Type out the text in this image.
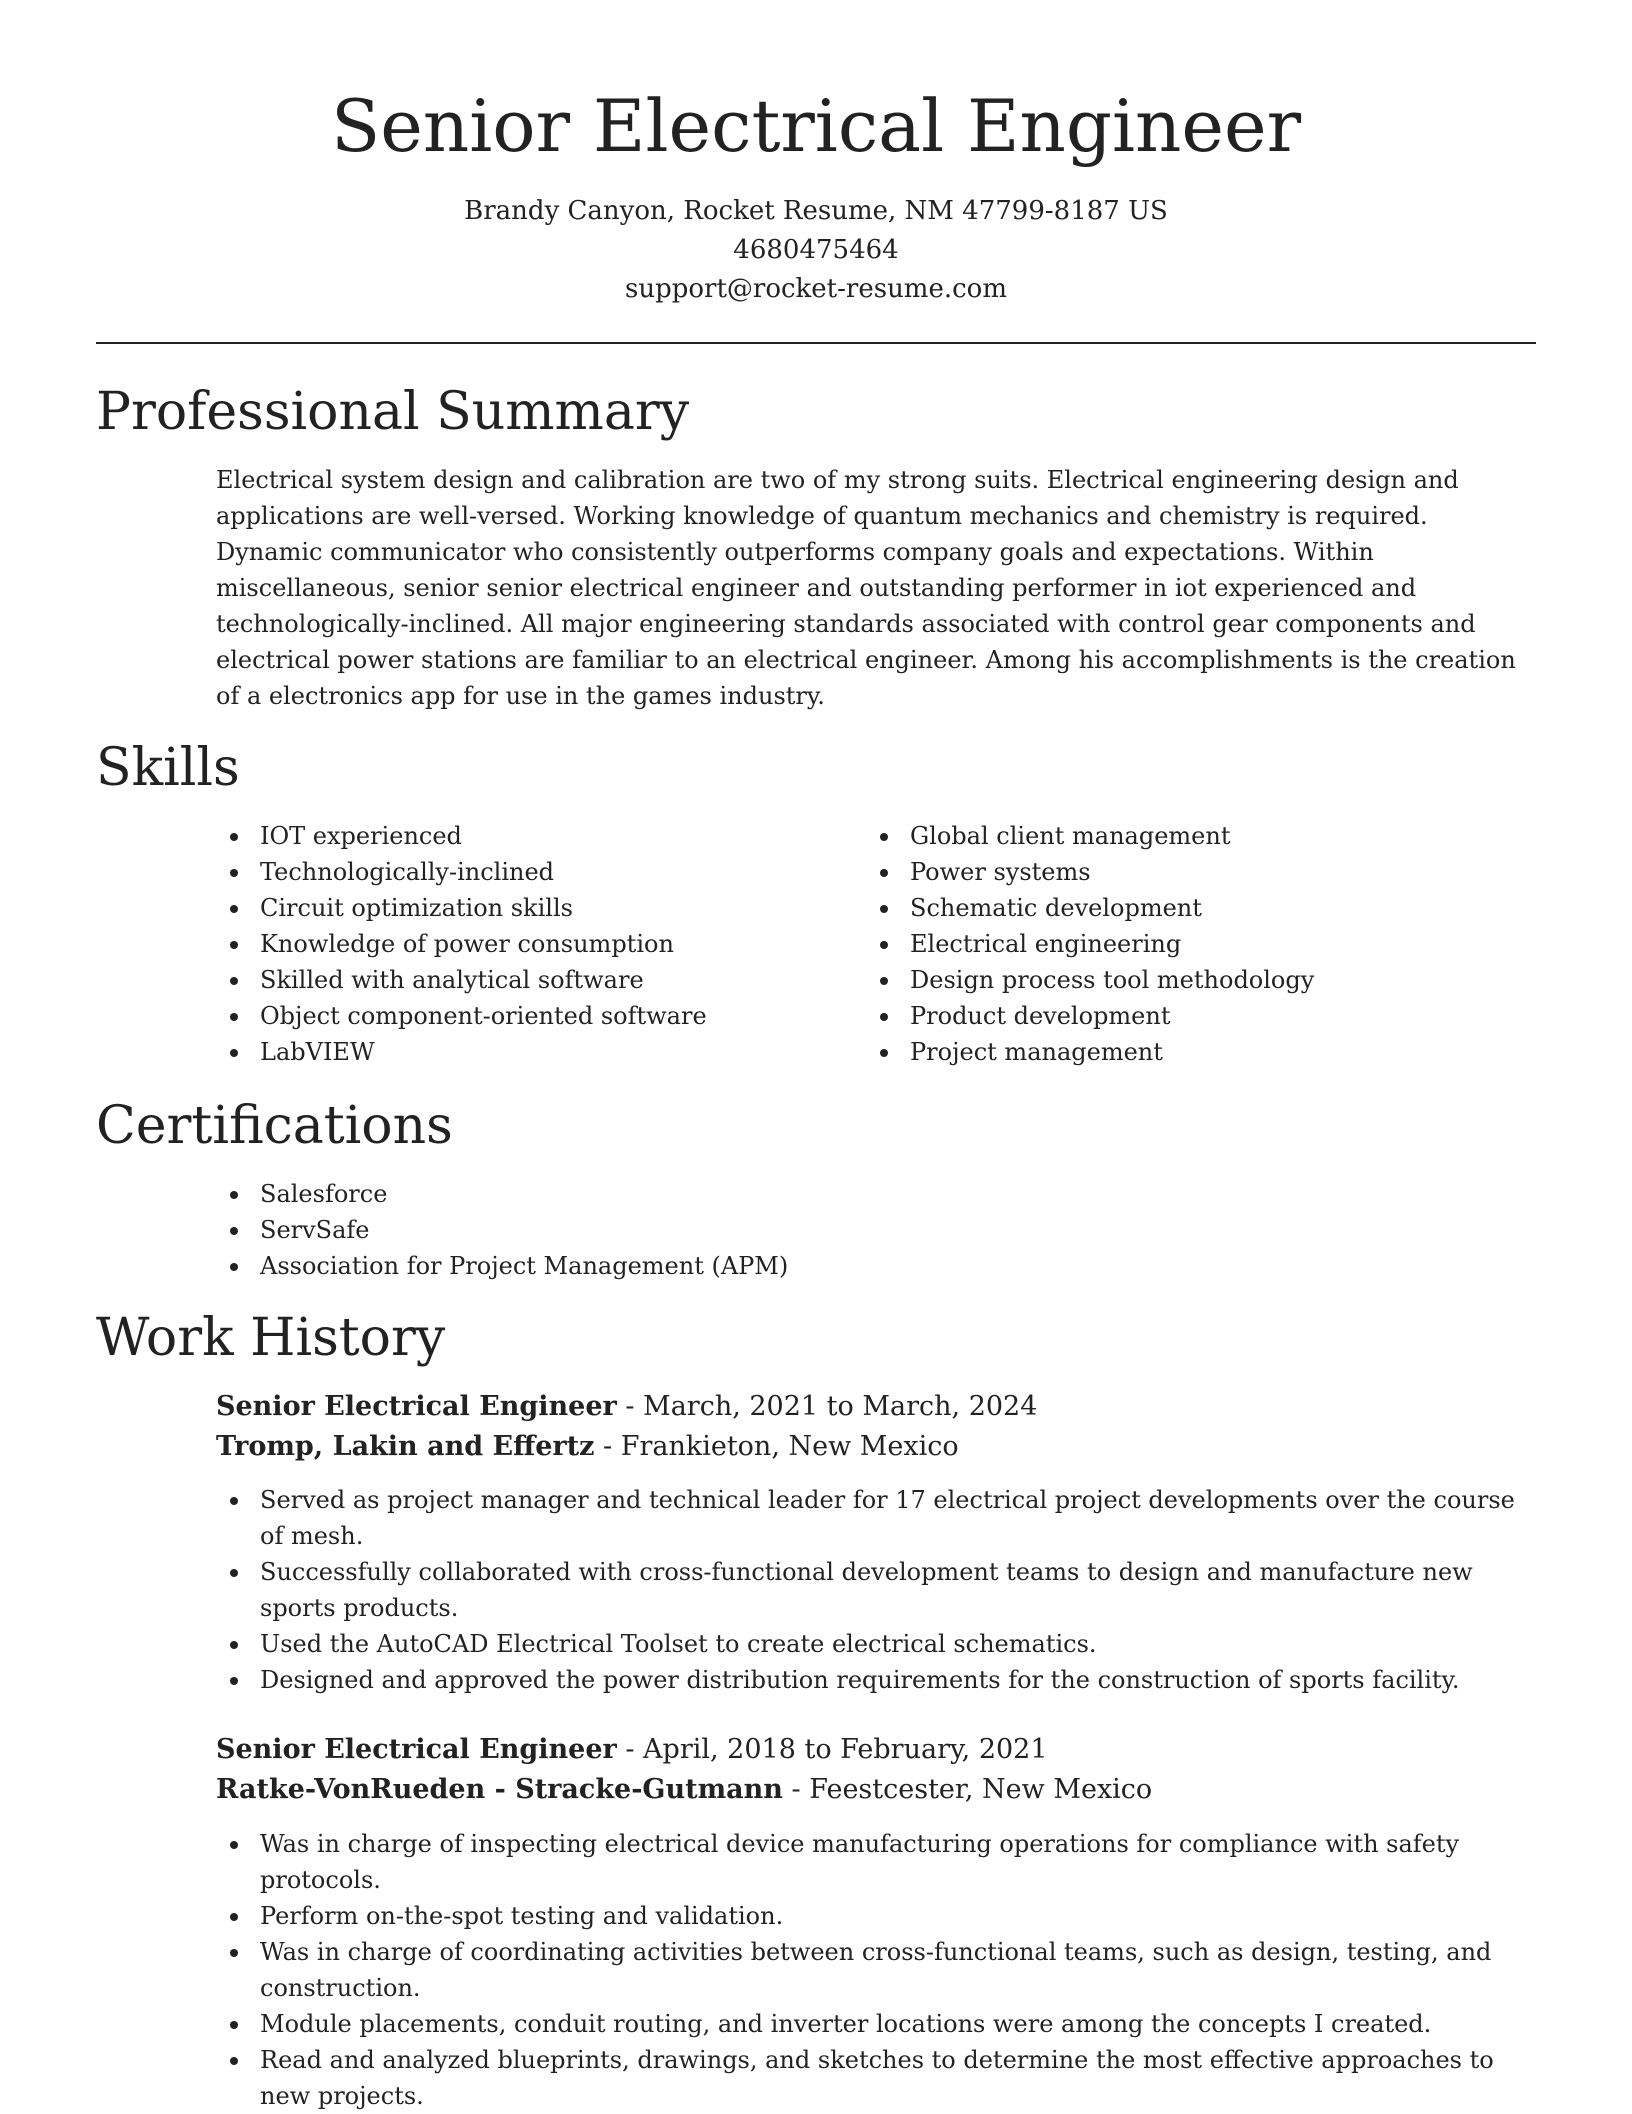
Senior Electrical Engineer
Brandy Canyon, Rocket Resume, NM 47799-8187 US
4680475464
support@rocket-resume.com
Professional Summary

Electrical system design and calibration are two of my strong suits. Electrical engineering design and applications are well-versed. Working knowledge of quantum mechanics and chemistry is required. Dynamic communicator who consistently outperforms company goals and expectations. Within miscellaneous, senior senior electrical engineer and outstanding performer in iot experienced and technologically-inclined. All major engineering standards associated with control gear components and electrical power stations are familiar to an electrical engineer. Among his accomplishments is the creation of a electronics app for use in the games industry.

Skills
IOT experienced
Technologically-inclined
Circuit optimization skills
Knowledge of power consumption
Skilled with analytical software
Object component-oriented software
LabVIEW
Global client management
Power systems
Schematic development
Electrical engineering
Design process tool methodology
Product development
Project management
Certifications
Salesforce
ServSafe
Association for Project Management (APM)
Work History
Senior Electrical Engineer - March, 2021 to March, 2024
Tromp, Lakin and Effertz - Frankieton, New Mexico
Served as project manager and technical leader for 17 electrical project developments over the course of mesh.
Successfully collaborated with cross-functional development teams to design and manufacture new sports products.
Used the AutoCAD Electrical Toolset to create electrical schematics.
Designed and approved the power distribution requirements for the construction of sports facility.
Senior Electrical Engineer - April, 2018 to February, 2021
Ratke-VonRueden - Stracke-Gutmann - Feestcester, New Mexico
Was in charge of inspecting electrical device manufacturing operations for compliance with safety protocols.
Perform on-the-spot testing and validation.
Was in charge of coordinating activities between cross-functional teams, such as design, testing, and construction.
Module placements, conduit routing, and inverter locations were among the concepts I created.
Read and analyzed blueprints, drawings, and sketches to determine the most effective approaches to new projects.
